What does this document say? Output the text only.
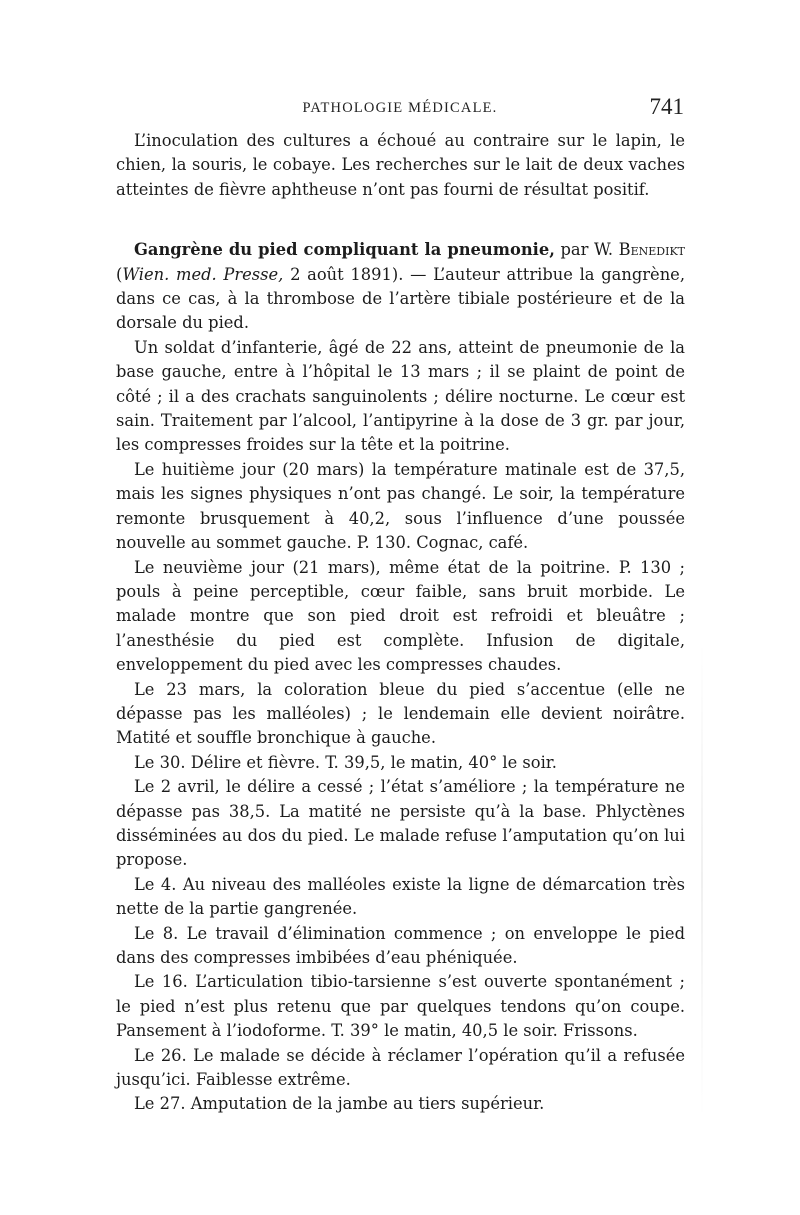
PATHOLOGIE MÉDICALE.	741

L’inoculation des cultures a échoué au contraire sur le lapin, le chien, la souris, le cobaye. Les recherches sur le lait de deux vaches atteintes de fièvre aphtheuse n’ont pas fourni de résultat positif.

Gangrène du pied compliquant la pneumonie, par W. Benedikt (Wien. med. Presse, 2 août 1891). — L’auteur attribue la gangrène, dans ce cas, à la thrombose de l’artère tibiale postérieure et de la dorsale du pied.

Un soldat d’infanterie, âgé de 22 ans, atteint de pneumonie de la base gauche, entre à l’hôpital le 13 mars ; il se plaint de point de côté ; il a des crachats sanguinolents ; délire nocturne. Le cœur est sain. Traitement par l’alcool, l’antipyrine à la dose de 3 gr. par jour, les compresses froides sur la tête et la poitrine.

Le huitième jour (20 mars) la température matinale est de 37,5, mais les signes physiques n’ont pas changé. Le soir, la température remonte brusquement à 40,2, sous l’influence d’une poussée nouvelle au sommet gauche. P. 130. Cognac, café.

Le neuvième jour (21 mars), même état de la poitrine. P. 130 ; pouls à peine perceptible, cœur faible, sans bruit morbide. Le malade montre que son pied droit est refroidi et bleuâtre ; l’anesthésie du pied est complète. Infusion de digitale, enveloppement du pied avec les compresses chaudes.

Le 23 mars, la coloration bleue du pied s’accentue (elle ne dépasse pas les malléoles) ; le lendemain elle devient noirâtre. Matité et souffle bronchique à gauche.

Le 30. Délire et fièvre. T. 39,5, le matin, 40° le soir.

Le 2 avril, le délire a cessé ; l’état s’améliore ; la température ne dépasse pas 38,5. La matité ne persiste qu’à la base. Phlyctènes disséminées au dos du pied. Le malade refuse l’amputation qu’on lui propose.

Le 4. Au niveau des malléoles existe la ligne de démarcation très nette de la partie gangrenée.

Le 8. Le travail d’élimination commence ; on enveloppe le pied dans des compresses imbibées d’eau phéniquée.

Le 16. L’articulation tibio-tarsienne s’est ouverte spontanément ; le pied n’est plus retenu que par quelques tendons qu’on coupe. Pansement à l’iodoforme. T. 39° le matin, 40,5 le soir. Frissons.

Le 26. Le malade se décide à réclamer l’opération qu’il a refusée jusqu’ici. Faiblesse extrême.

Le 27. Amputation de la jambe au tiers supérieur.
